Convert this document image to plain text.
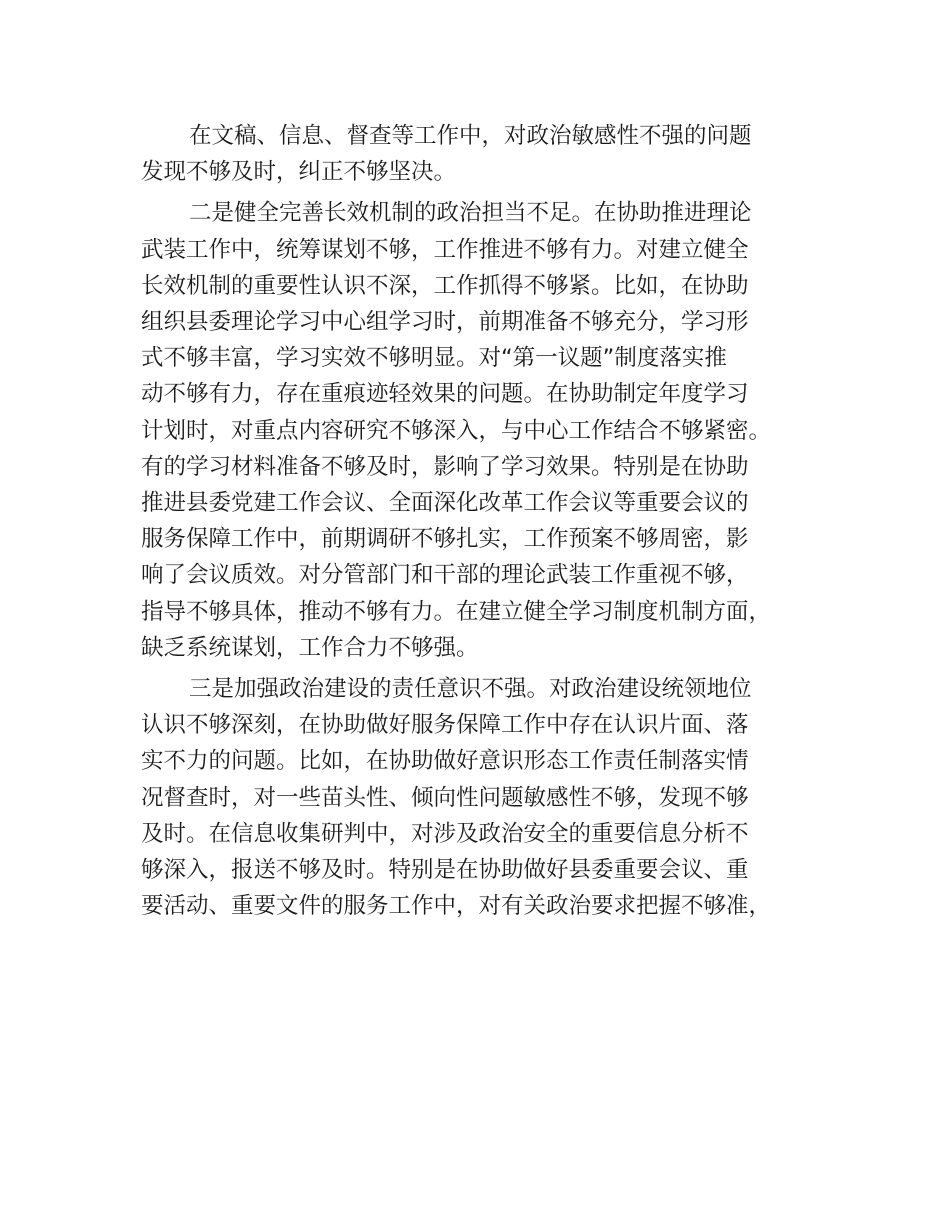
在文稿、信息、督查等工作中，对政治敏感性不强的问题
发现不够及时，纠正不够坚决。

二是健全完善长效机制的政治担当不足。在协助推进理论
武装工作中，统筹谋划不够，工作推进不够有力。对建立健全
长效机制的重要性认识不深，工作抓得不够紧。比如，在协助
组织县委理论学习中心组学习时，前期准备不够充分，学习形
式不够丰富，学习实效不够明显。对“第一议题”制度落实推
动不够有力，存在重痕迹轻效果的问题。在协助制定年度学习
计划时，对重点内容研究不够深入，与中心工作结合不够紧密。
有的学习材料准备不够及时，影响了学习效果。特别是在协助
推进县委党建工作会议、全面深化改革工作会议等重要会议的
服务保障工作中，前期调研不够扎实，工作预案不够周密，影
响了会议质效。对分管部门和干部的理论武装工作重视不够，
指导不够具体，推动不够有力。在建立健全学习制度机制方面，
缺乏系统谋划，工作合力不够强。

三是加强政治建设的责任意识不强。对政治建设统领地位
认识不够深刻，在协助做好服务保障工作中存在认识片面、落
实不力的问题。比如，在协助做好意识形态工作责任制落实情
况督查时，对一些苗头性、倾向性问题敏感性不够，发现不够
及时。在信息收集研判中，对涉及政治安全的重要信息分析不
够深入，报送不够及时。特别是在协助做好县委重要会议、重
要活动、重要文件的服务工作中，对有关政治要求把握不够准，
